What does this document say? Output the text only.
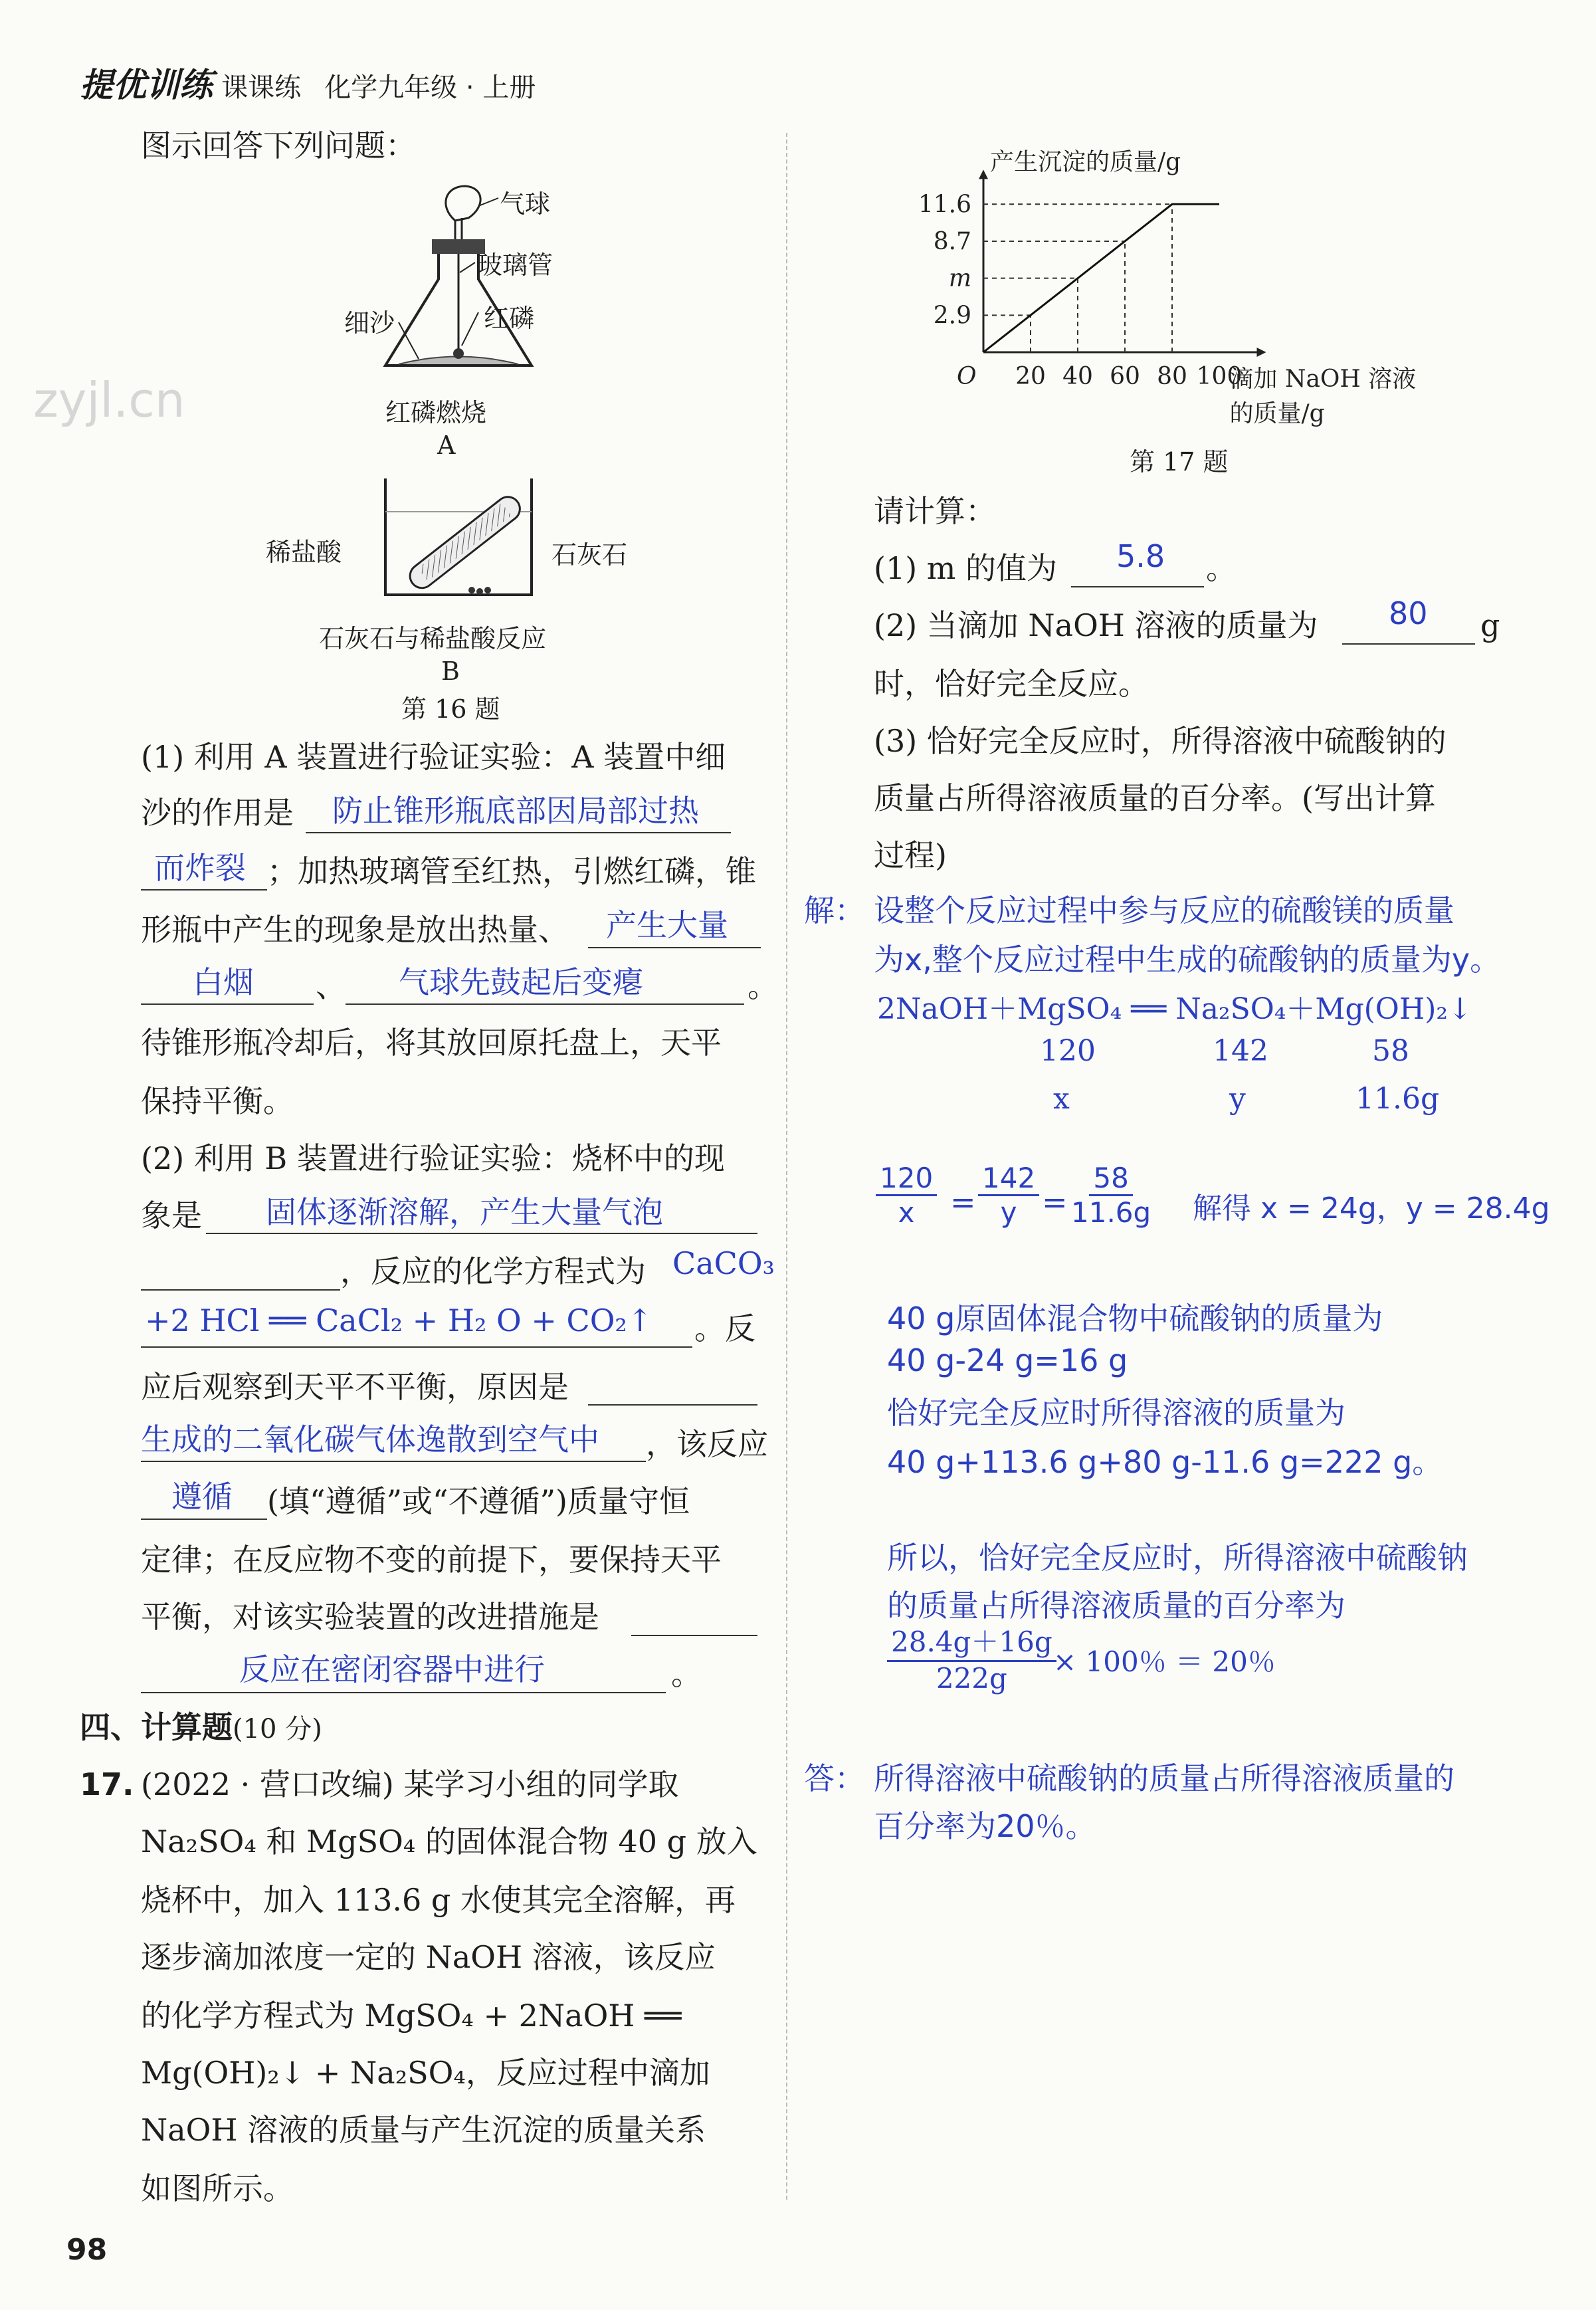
提优训练 课课练 化学九年级 · 上册
zyjl.cn
图示回答下列问题：
气球
玻璃管
红磷
细沙
红磷燃烧
A
稀盐酸	石灰石
石灰石与稀盐酸反应
B
第 16 题
(1) 利用 A 装置进行验证实验：A 装置中细
沙的作用是 防止锥形瓶底部因局部过热
而炸裂 ；加热玻璃管至红热，引燃红磷，锥
形瓶中产生的现象是放出热量、 产生大量
白烟 、 气球先鼓起后变瘪	。
待锥形瓶冷却后，将其放回原托盘上，天平
保持平衡。
(2) 利用 B 装置进行验证实验：烧杯中的现
象是 固体逐渐溶解，产生大量气泡
，反应的化学方程式为 CaCO₃
+2 HCl ══ CaCl₂ + H₂ O + CO₂↑ 。反
应后观察到天平不平衡，原因是
生成的二氧化碳气体逸散到空气中 ，该反应
遵循 (填“遵循”或“不遵循”)质量守恒
定律；在反应物不变的前提下，要保持天平
平衡，对该实验装置的改进措施是
反应在密闭容器中进行	。
四、计算题(10 分)
17. (2022 · 营口改编) 某学习小组的同学取
Na₂SO₄ 和 MgSO₄ 的固体混合物 40 g 放入
烧杯中，加入 113.6 g 水使其完全溶解，再
逐步滴加浓度一定的 NaOH 溶液，该反应
的化学方程式为 MgSO₄ + 2NaOH ══
Mg(OH)₂↓ + Na₂SO₄，反应过程中滴加
NaOH 溶液的质量与产生沉淀的质量关系
如图所示。
98
20 40 60 80 100
2.9
m
8.7
11.6
O
产生沉淀的质量/g
滴加 NaOH 溶液
的质量/g
第 17 题
请计算：
(1) m 的值为 5.8 。
(2) 当滴加 NaOH 溶液的质量为 80 g
时，恰好完全反应。
(3) 恰好完全反应时，所得溶液中硫酸钠的
质量占所得溶液质量的百分率。(写出计算
过程)
解： 设整个反应过程中参与反应的硫酸镁的质量
为x,整个反应过程中生成的硫酸钠的质量为y。
2NaOH＋MgSO₄ ══ Na₂SO₄＋Mg(OH)₂↓
120	142	58
x	y	11.6g
$\frac{120}{x} = \frac{142}{y} = \frac{58}{11.6g}$ 解得 x = 24g，y = 28.4g
40 g原固体混合物中硫酸钠的质量为
40 g-24 g=16 g
恰好完全反应时所得溶液的质量为
40 g+113.6 g+80 g-11.6 g=222 g。
所以，恰好完全反应时，所得溶液中硫酸钠
的质量占所得溶液质量的百分率为
$\frac{28.4g+16g}{222g}$
× 100％ ＝ 20％
答： 所得溶液中硫酸钠的质量占所得溶液质量的
百分率为20％。
